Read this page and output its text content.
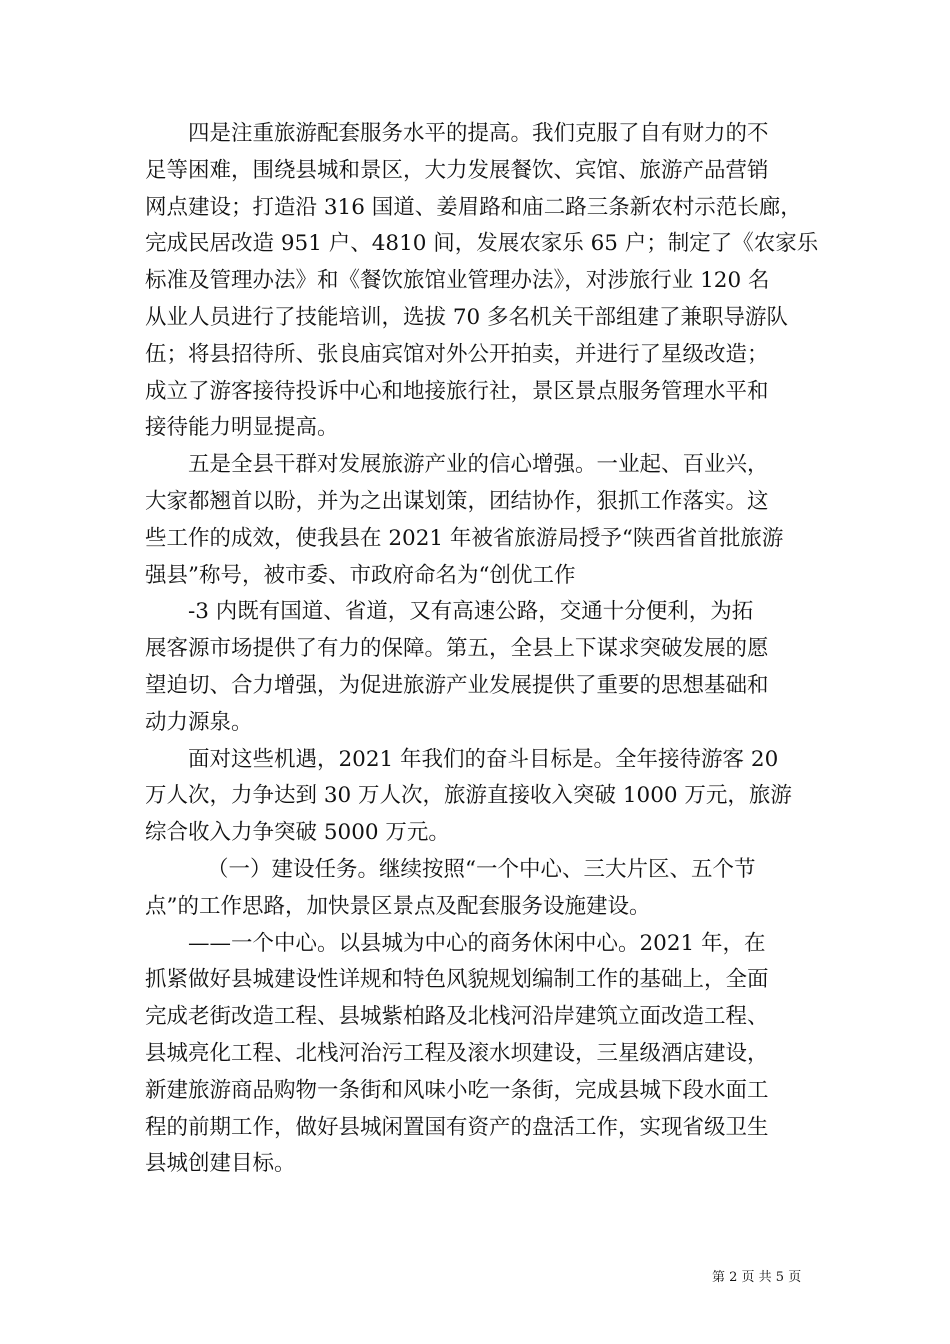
四是注重旅游配套服务水平的提高。我们克服了自有财力的不
足等困难，围绕县城和景区，大力发展餐饮、宾馆、旅游产品营销
网点建设；打造沿 316 国道、姜眉路和庙二路三条新农村示范长廊，
完成民居改造 951 户、4810 间，发展农家乐 65 户；制定了《农家乐
标准及管理办法》和《餐饮旅馆业管理办法》，对涉旅行业 120 名
从业人员进行了技能培训，选拔 70 多名机关干部组建了兼职导游队
伍；将县招待所、张良庙宾馆对外公开拍卖，并进行了星级改造；
成立了游客接待投诉中心和地接旅行社，景区景点服务管理水平和
接待能力明显提高。
五是全县干群对发展旅游产业的信心增强。一业起、百业兴，
大家都翘首以盼，并为之出谋划策，团结协作，狠抓工作落实。这
些工作的成效，使我县在 2021 年被省旅游局授予“陕西省首批旅游
强县”称号，被市委、市政府命名为“创优工作
-3 内既有国道、省道，又有高速公路，交通十分便利，为拓
展客源市场提供了有力的保障。第五，全县上下谋求突破发展的愿
望迫切、合力增强，为促进旅游产业发展提供了重要的思想基础和
动力源泉。
面对这些机遇，2021 年我们的奋斗目标是。全年接待游客 20
万人次，力争达到 30 万人次，旅游直接收入突破 1000 万元，旅游
综合收入力争突破 5000 万元。
（一）建设任务。继续按照“一个中心、三大片区、五个节
点”的工作思路，加快景区景点及配套服务设施建设。
——一个中心。以县城为中心的商务休闲中心。2021 年，在
抓紧做好县城建设性详规和特色风貌规划编制工作的基础上，全面
完成老街改造工程、县城紫柏路及北栈河沿岸建筑立面改造工程、
县城亮化工程、北栈河治污工程及滚水坝建设，三星级酒店建设，
新建旅游商品购物一条街和风味小吃一条街，完成县城下段水面工
程的前期工作，做好县城闲置国有资产的盘活工作，实现省级卫生
县城创建目标。
第 2 页 共 5 页
